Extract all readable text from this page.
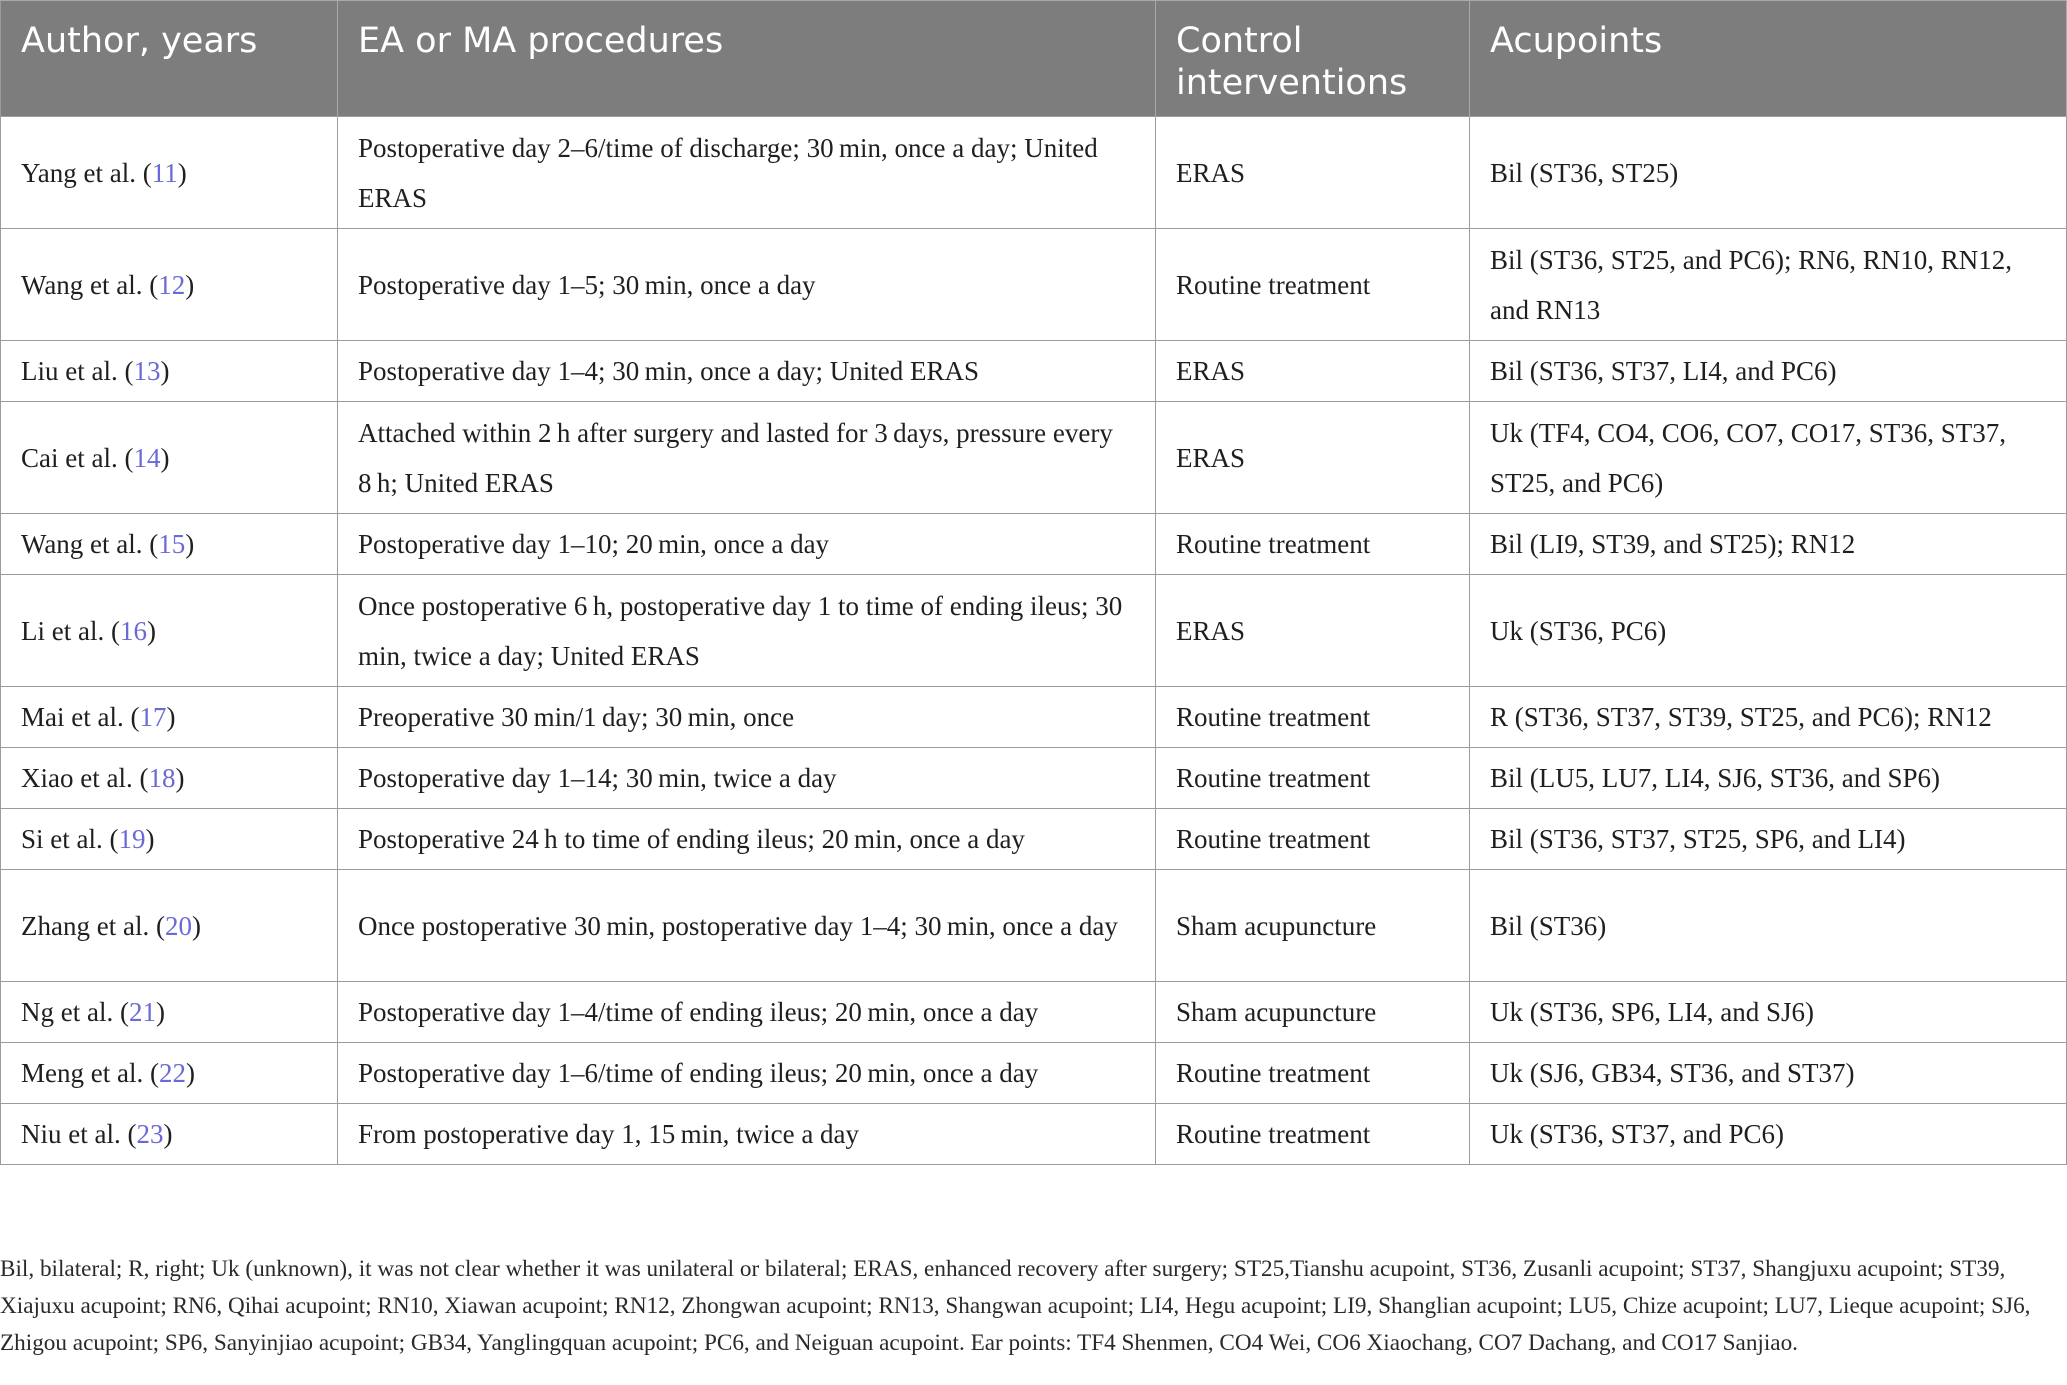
Author, years	EA or MA procedures	Control interventions	Acupoints
Yang et al. (11)	Postoperative day 2–6/time of discharge; 30 min, once a day; United ERAS	ERAS	Bil (ST36, ST25)
Wang et al. (12)	Postoperative day 1–5; 30 min, once a day	Routine treatment	Bil (ST36, ST25, and PC6); RN6, RN10, RN12, and RN13
Liu et al. (13)	Postoperative day 1–4; 30 min, once a day; United ERAS	ERAS	Bil (ST36, ST37, LI4, and PC6)
Cai et al. (14)	Attached within 2 h after surgery and lasted for 3 days, pressure every 8 h; United ERAS	ERAS	Uk (TF4, CO4, CO6, CO7, CO17, ST36, ST37, ST25, and PC6)
Wang et al. (15)	Postoperative day 1–10; 20 min, once a day	Routine treatment	Bil (LI9, ST39, and ST25); RN12
Li et al. (16)	Once postoperative 6 h, postoperative day 1 to time of ending ileus; 30 min, twice a day; United ERAS	ERAS	Uk (ST36, PC6)
Mai et al. (17)	Preoperative 30 min/1 day; 30 min, once	Routine treatment	R (ST36, ST37, ST39, ST25, and PC6); RN12
Xiao et al. (18)	Postoperative day 1–14; 30 min, twice a day	Routine treatment	Bil (LU5, LU7, LI4, SJ6, ST36, and SP6)
Si et al. (19)	Postoperative 24 h to time of ending ileus; 20 min, once a day	Routine treatment	Bil (ST36, ST37, ST25, SP6, and LI4)
Zhang et al. (20)	Once postoperative 30 min, postoperative day 1–4; 30 min, once a day	Sham acupuncture	Bil (ST36)
Ng et al. (21)	Postoperative day 1–4/time of ending ileus; 20 min, once a day	Sham acupuncture	Uk (ST36, SP6, LI4, and SJ6)
Meng et al. (22)	Postoperative day 1–6/time of ending ileus; 20 min, once a day	Routine treatment	Uk (SJ6, GB34, ST36, and ST37)
Niu et al. (23)	From postoperative day 1, 15 min, twice a day	Routine treatment	Uk (ST36, ST37, and PC6)

Bil, bilateral; R, right; Uk (unknown), it was not clear whether it was unilateral or bilateral; ERAS, enhanced recovery after surgery; ST25,Tianshu acupoint, ST36, Zusanli acupoint; ST37, Shangjuxu acupoint; ST39, Xiajuxu acupoint; RN6, Qihai acupoint; RN10, Xiawan acupoint; RN12, Zhongwan acupoint; RN13, Shangwan acupoint; LI4, Hegu acupoint; LI9, Shanglian acupoint; LU5, Chize acupoint; LU7, Lieque acupoint; SJ6, Zhigou acupoint; SP6, Sanyinjiao acupoint; GB34, Yanglingquan acupoint; PC6, and Neiguan acupoint. Ear points: TF4 Shenmen, CO4 Wei, CO6 Xiaochang, CO7 Dachang, and CO17 Sanjiao.
